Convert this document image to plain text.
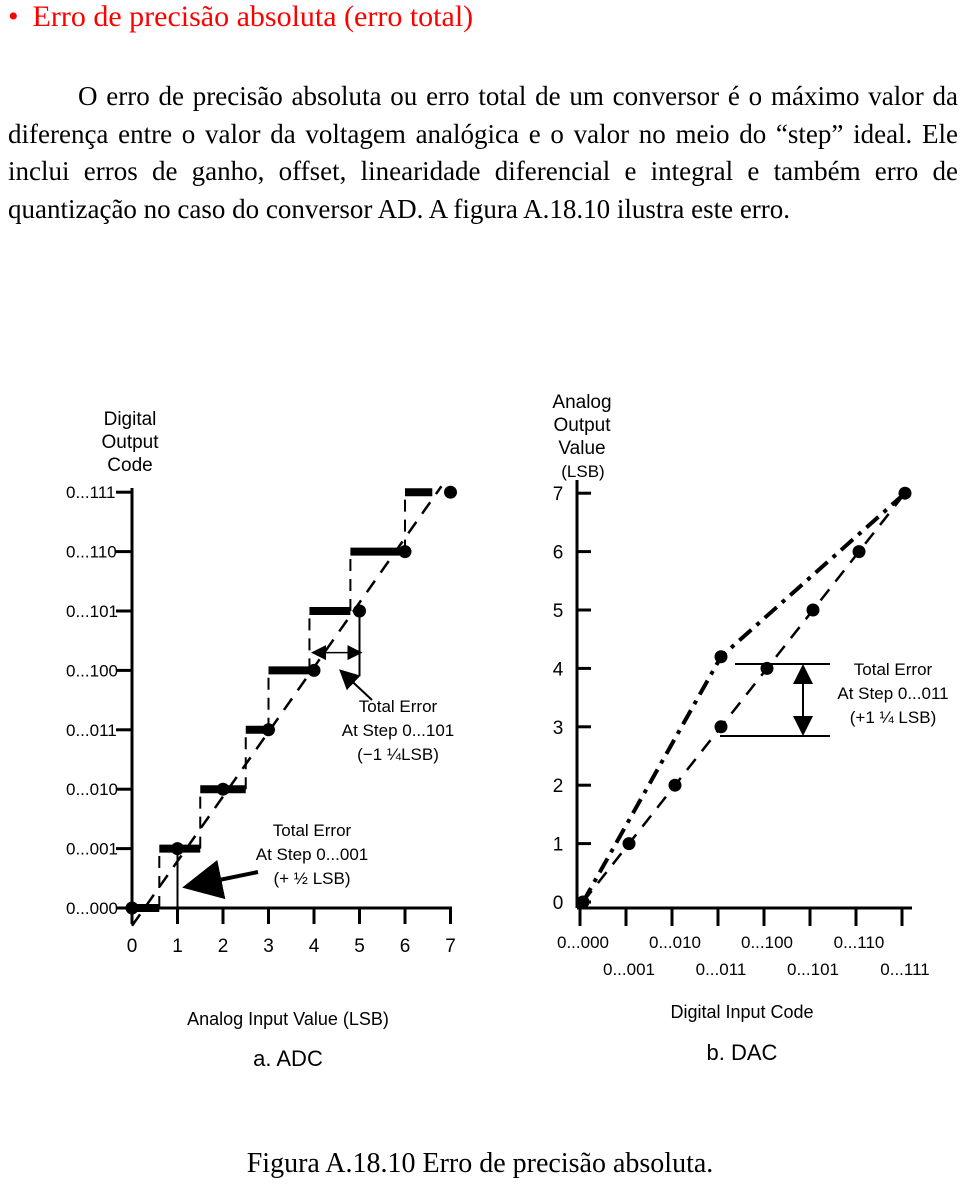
• Erro de precisão absoluta (erro total)
O erro de precisão absoluta ou erro total de um conversor é o máximo valor da diferença entre o valor da voltagem analógica e o valor no meio do “step” ideal. Ele inclui erros de ganho, offset, linearidade diferencial e integral e também erro de quantização no caso do conversor AD. A figura A.18.10 ilustra este erro.
Digital
Output
Code
0...000
0...001
0...010
0...011
0...100
0...101
0...110
0...111
0 1 2 3 4 5 6 7
Total Error
At Step 0...101
(−1 ¼LSB)
Total Error
At Step 0...001
(+ ½ LSB)
Analog Input Value (LSB)
a. ADC
Analog
Output
Value
(LSB)
0
1
2
3
4
5
6
7
0...000 0...010 0...100 0...110
0...001 0...011 0...101 0...111
Total Error
At Step 0...011
(+1 ¼ LSB)
Digital Input Code
b. DAC
Figura A.18.10 Erro de precisão absoluta.
